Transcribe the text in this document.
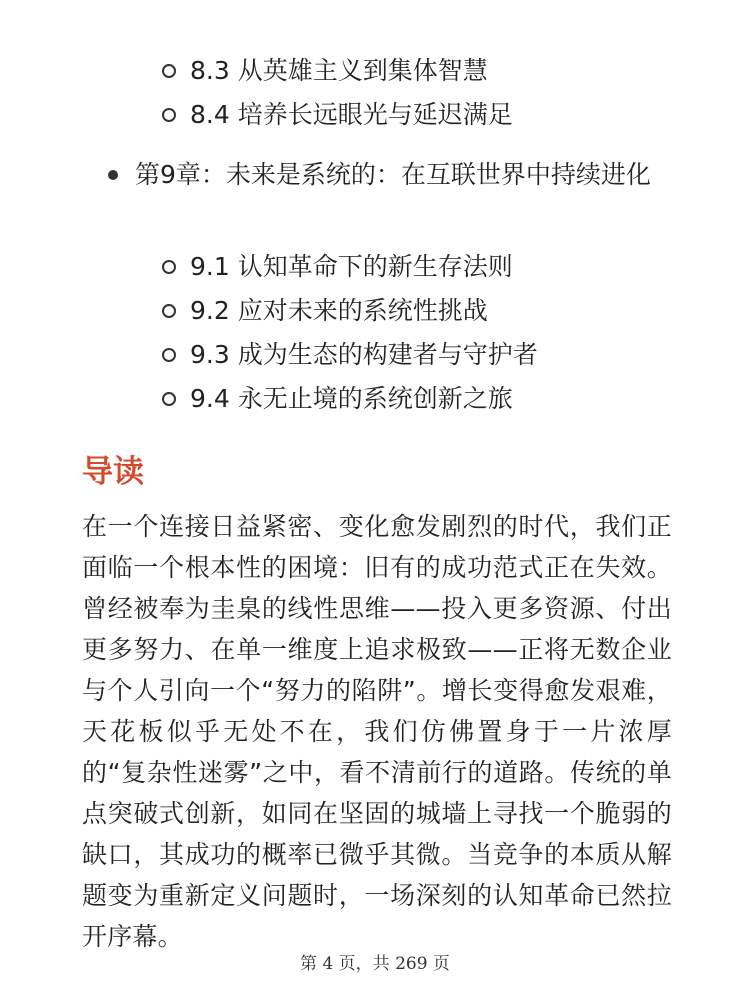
8.3 从英雄主义到集体智慧
8.4 培养长远眼光与延迟满足
第9章：未来是系统的：在互联世界中持续进化
9.1 认知革命下的新生存法则
9.2 应对未来的系统性挑战
9.3 成为生态的构建者与守护者
9.4 永无止境的系统创新之旅
导读
在一个连接日益紧密、变化愈发剧烈的时代，我们正面临一个根本性的困境：旧有的成功范式正在失效。曾经被奉为圭臬的线性思维——投入更多资源、付出更多努力、在单一维度上追求极致——正将无数企业与个人引向一个“努力的陷阱”。增长变得愈发艰难，天花板似乎无处不在，我们仿佛置身于一片浓厚的“复杂性迷雾”之中，看不清前行的道路。传统的单点突破式创新，如同在坚固的城墙上寻找一个脆弱的缺口，其成功的概率已微乎其微。当竞争的本质从解题变为重新定义问题时，一场深刻的认知革命已然拉开序幕。
第 4 页，共 269 页
